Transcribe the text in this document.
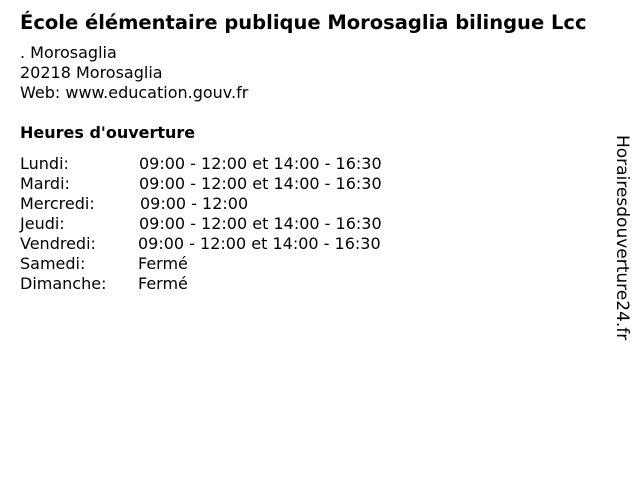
École élémentaire publique Morosaglia bilingue Lcc
. Morosaglia
20218 Morosaglia
Web: www.education.gouv.fr
Heures d'ouverture
Lundi:	09:00 - 12:00 et 14:00 - 16:30
Mardi:	09:00 - 12:00 et 14:00 - 16:30
Mercredi:	09:00 - 12:00
Jeudi:	09:00 - 12:00 et 14:00 - 16:30
Vendredi:	09:00 - 12:00 et 14:00 - 16:30
Samedi:	Fermé
Dimanche: Fermé	Horairesdouverture24.fr
